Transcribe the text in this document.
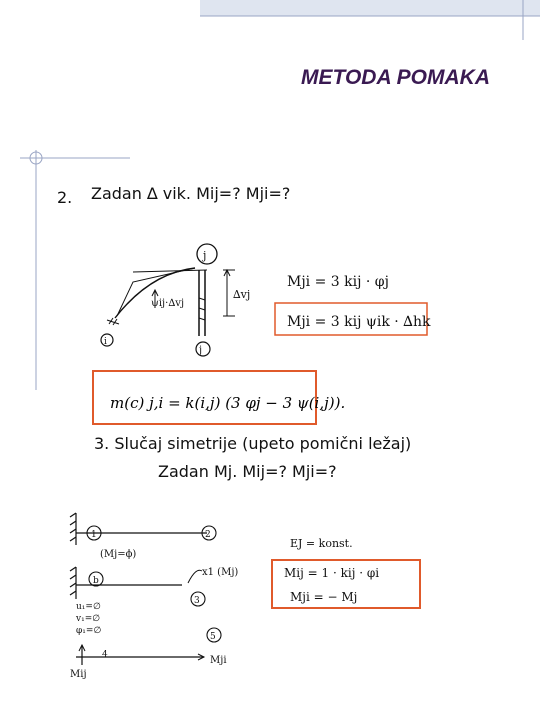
METODA POMAKA
2. Zadan ∆ vik. Mij=? Mji=?
j
j
i
∆vj
ψij·∆vj
Mji = 3 kij · φj
Mji = 3 kij ψik · ∆hk
m(c) j,i = k(i,j) (3 φj − 3 ψ(i,j)).
3. Slučaj simetrije (upeto pomični ležaj)
Zadan Mj. Mij=? Mji=?
1	2
(Mj=ϕ)
b
u₁=∅
v₁=∅
φ₁=∅
x1 (Mj)
3
5
Mji
Mij
4
EJ = konst.
Mij = 1 · kij · φi
Mji = − Mj
